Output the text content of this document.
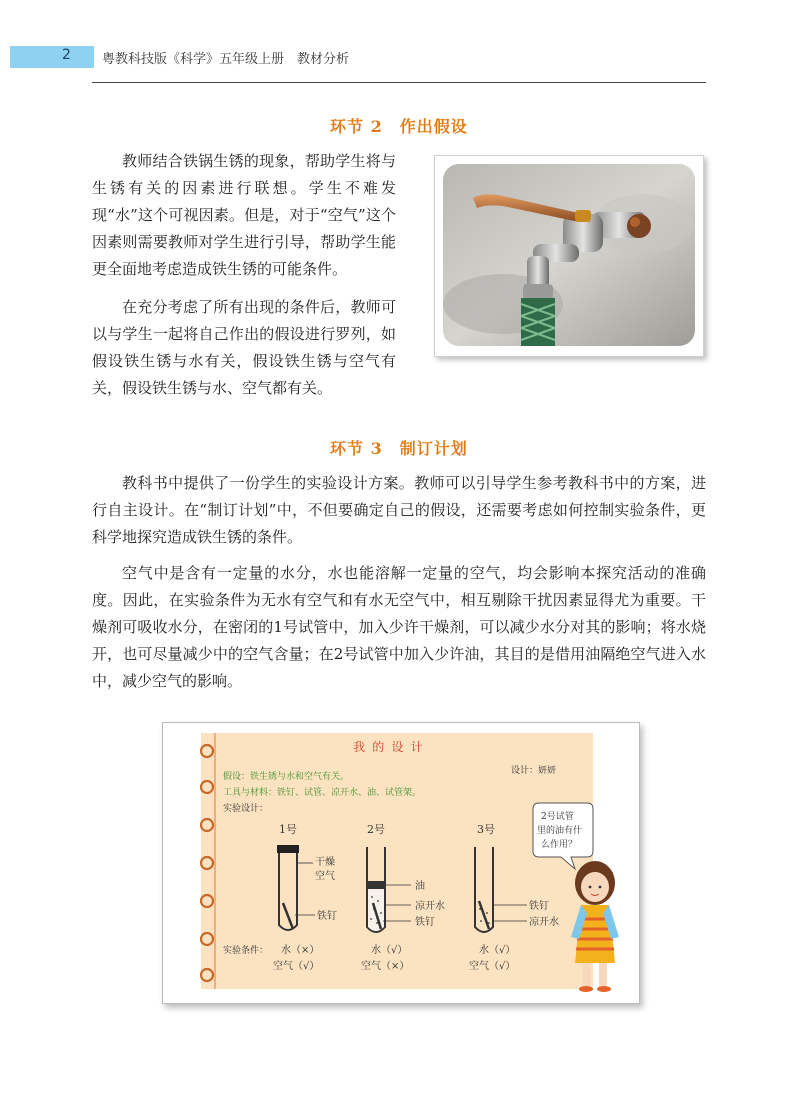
2 粤教科技版《科学》五年级上册　教材分析
环节 2　作出假设

教师结合铁锅生锈的现象，帮助学生将与生锈有关的因素进行联想。学生不难发现“水”这个可视因素。但是，对于“空气”这个因素则需要教师对学生进行引导，帮助学生能更全面地考虑造成铁生锈的可能条件。

在充分考虑了所有出现的条件后，教师可以与学生一起将自己作出的假设进行罗列，如假设铁生锈与水有关，假设铁生锈与空气有关，假设铁生锈与水、空气都有关。

环节 3　制订计划

教科书中提供了一份学生的实验设计方案。教师可以引导学生参考教科书中的方案，进行自主设计。在“制订计划”中，不但要确定自己的假设，还需要考虑如何控制实验条件，更科学地探究造成铁生锈的条件。

空气中是含有一定量的水分，水也能溶解一定量的空气，均会影响本探究活动的准确度。因此，在实验条件为无水有空气和有水无空气中，相互剔除干扰因素显得尤为重要。干燥剂可吸收水分，在密闭的1号试管中，加入少许干燥剂，可以减少水分对其的影响；将水烧开，也可尽量减少中的空气含量；在2号试管中加入少许油，其目的是借用油隔绝空气进入水中，减少空气的影响。

我 的 设 计
设计：妍妍
假设：铁生锈与水和空气有关。
工具与材料：铁钉、试管、凉开水、油、试管架。
实验设计：
1号	2号	3号
干燥
空气
铁钉
油
凉开水
铁钉
铁钉
凉开水
实验条件： 水（×）
空气（√）
水（√）
空气（×）
水（√）
空气（√）
2号试管
里的油有什
么作用？
